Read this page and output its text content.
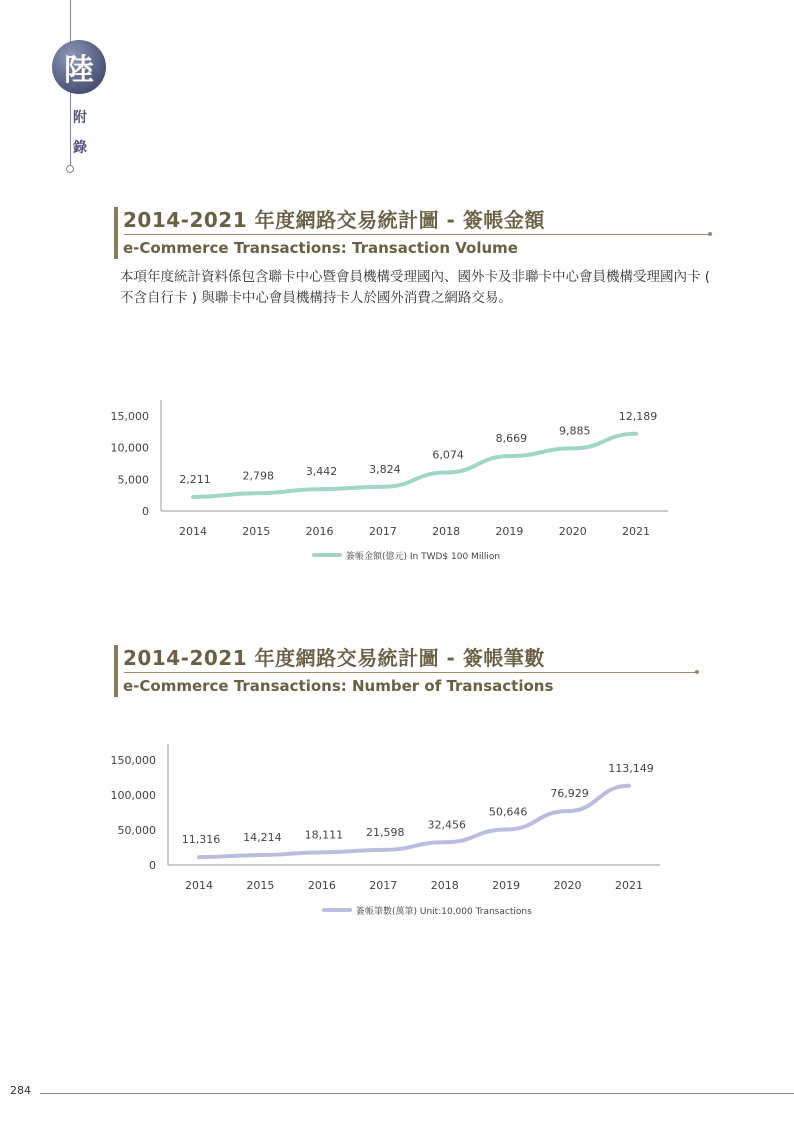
陸
附錄
2014-2021 年度網路交易統計圖 - 簽帳金額
e-Commerce Transactions: Transaction Volume
本項年度統計資料係包含聯卡中心暨會員機構受理國內、國外卡及非聯卡中心會員機構受理國內卡 ( 不含自行卡 ) 與聯卡中心會員機構持卡人於國外消費之網路交易。
0
5,000
10,000
15,000
2014	2015	2016	2017	2018	2019	2020	2021
2,211	2,798	3,442	3,824
6,074
8,669
9,885
12,189
簽帳金額(億元) In TWD$ 100 Million
2014-2021 年度網路交易統計圖 - 簽帳筆數
e-Commerce Transactions: Number of Transactions
0
50,000
100,000
150,000
2014	2015	2016	2017	2018	2019	2020	2021
11,316 14,214 18,111 21,598
32,456
50,646
76,929
113,149
簽帳筆數(萬筆) Unit:10,000 Transactions
284
